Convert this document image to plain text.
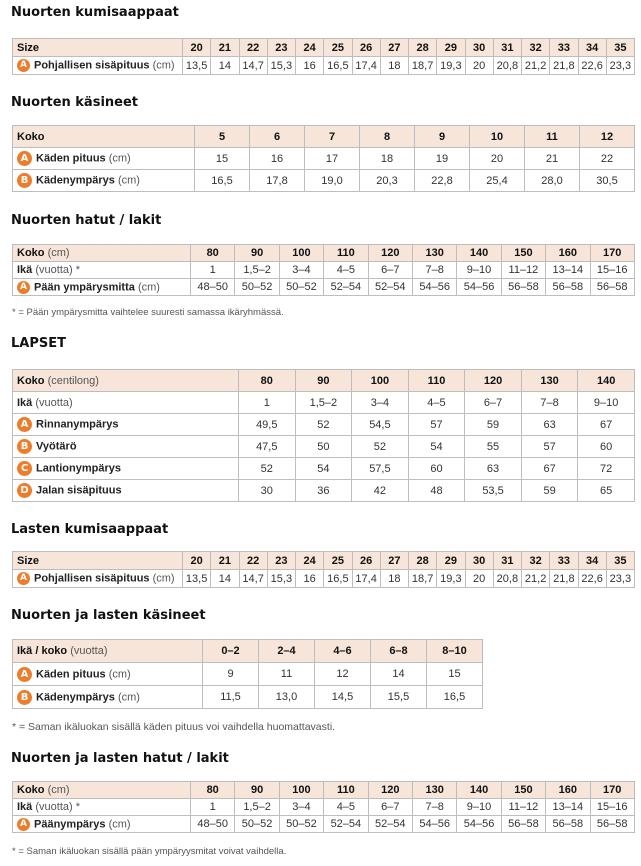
Nuorten kumisaappaat
Size	20	21	22	23	24	25	26	27	28	29	30	31	32	33	34	35
A Pohjallisen sisäpituus (cm)	13,5	14	14,7	15,3	16	16,5	17,4	18	18,7	19,3	20	20,8	21,2	21,8	22,6	23,3
Nuorten käsineet
Koko	5	6	7	8	9	10	11	12
A Käden pituus (cm)	15	16	17	18	19	20	21	22
B Kädenympärys (cm)	16,5	17,8	19,0	20,3	22,8	25,4	28,0	30,5
Nuorten hatut / lakit
Koko (cm)	80	90	100	110	120	130	140	150	160	170
Ikä (vuotta) *	1	1,5–2	3–4	4–5	6–7	7–8	9–10	11–12	13–14	15–16
A Pään ympärysmitta (cm)	48–50	50–52	50–52	52–54	52–54	54–56	54–56	56–58	56–58	56–58
* = Pään ympärysmitta vaihtelee suuresti samassa ikäryhmässä.
LAPSET
Koko (centilong)	80	90	100	110	120	130	140
Ikä (vuotta)	1	1,5–2	3–4	4–5	6–7	7–8	9–10
A Rinnanympärys	49,5	52	54,5	57	59	63	67
B Vyötärö	47,5	50	52	54	55	57	60
C Lantionympärys	52	54	57,5	60	63	67	72
D Jalan sisäpituus	30	36	42	48	53,5	59	65
Lasten kumisaappaat
Size	20	21	22	23	24	25	26	27	28	29	30	31	32	33	34	35
A Pohjallisen sisäpituus (cm)	13,5	14	14,7	15,3	16	16,5	17,4	18	18,7	19,3	20	20,8	21,2	21,8	22,6	23,3
Nuorten ja lasten käsineet
Ikä / koko (vuotta)	0–2	2–4	4–6	6–8	8–10
A Käden pituus (cm)	9	11	12	14	15
B Kädenympärys (cm)	11,5	13,0	14,5	15,5	16,5
* = Saman ikäluokan sisällä käden pituus voi vaihdella huomattavasti.
Nuorten ja lasten hatut / lakit
Koko (cm)	80	90	100	110	120	130	140	150	160	170
Ikä (vuotta) *	1	1,5–2	3–4	4–5	6–7	7–8	9–10	11–12	13–14	15–16
A Päänympärys (cm)	48–50	50–52	50–52	52–54	52–54	54–56	54–56	56–58	56–58	56–58
* = Saman ikäluokan sisällä pään ympäryysmitat voivat vaihdella.
